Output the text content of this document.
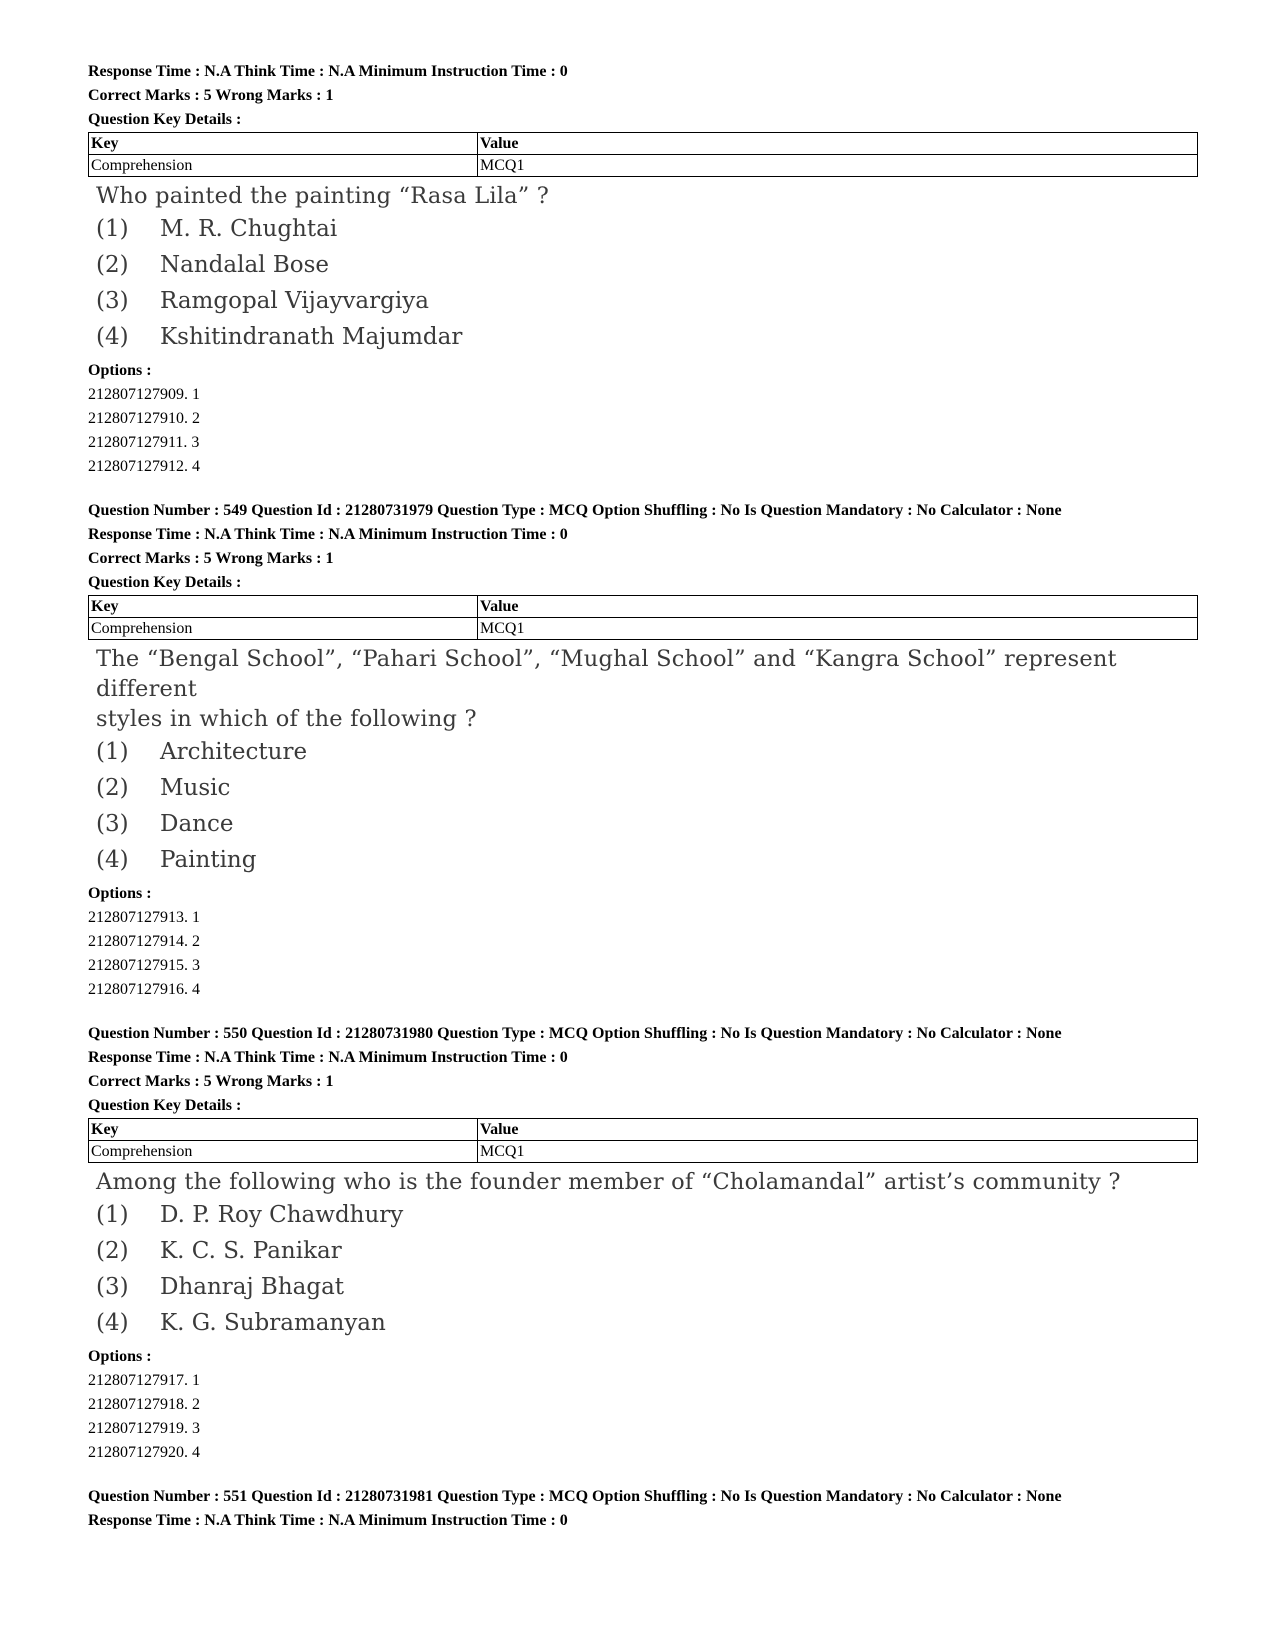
Response Time : N.A Think Time : N.A Minimum Instruction Time : 0
Correct Marks : 5 Wrong Marks : 1
Question Key Details :
Key	Value
Comprehension	MCQ1
Who painted the painting “Rasa Lila” ?
(1)	M. R. Chughtai
(2)	Nandalal Bose
(3)	Ramgopal Vijayvargiya
(4)	Kshitindranath Majumdar
Options :
212807127909. 1
212807127910. 2
212807127911. 3
212807127912. 4
Question Number : 549 Question Id : 21280731979 Question Type : MCQ Option Shuffling : No Is Question Mandatory : No Calculator : None
Response Time : N.A Think Time : N.A Minimum Instruction Time : 0
Correct Marks : 5 Wrong Marks : 1
Question Key Details :
Key	Value
Comprehension	MCQ1
The “Bengal School”, “Pahari School”, “Mughal School” and “Kangra School” represent different
styles in which of the following ?
(1)	Architecture
(2)	Music
(3)	Dance
(4)	Painting
Options :
212807127913. 1
212807127914. 2
212807127915. 3
212807127916. 4
Question Number : 550 Question Id : 21280731980 Question Type : MCQ Option Shuffling : No Is Question Mandatory : No Calculator : None
Response Time : N.A Think Time : N.A Minimum Instruction Time : 0
Correct Marks : 5 Wrong Marks : 1
Question Key Details :
Key	Value
Comprehension	MCQ1
Among the following who is the founder member of “Cholamandal” artist’s community ?
(1)	D. P. Roy Chawdhury
(2)	K. C. S. Panikar
(3)	Dhanraj Bhagat
(4)	K. G. Subramanyan
Options :
212807127917. 1
212807127918. 2
212807127919. 3
212807127920. 4
Question Number : 551 Question Id : 21280731981 Question Type : MCQ Option Shuffling : No Is Question Mandatory : No Calculator : None
Response Time : N.A Think Time : N.A Minimum Instruction Time : 0
